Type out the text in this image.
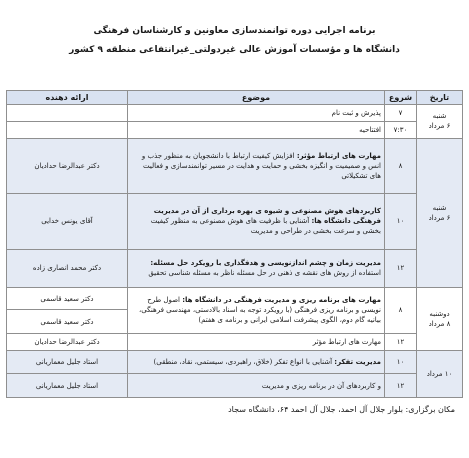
برنامه اجرایی دوره توانمندسازی معاونین و کارشناسان فرهنگی
دانشگاه ها و مؤسسات آموزش عالی غیردولتی_غیرانتفاعی منطقه ۹ کشور
تاریخ	شروع	موضوع	ارائه دهنده

شنبه
۶ مرداد	۷	پذیرش و ثبت نام	
	۷:۳۰	افتتاحیه	

شنبه
۶ مرداد	۸	مهارت های ارتباط مؤثر: افزایش کیفیت ارتباط با دانشجویان به منظور جذب و انس و صمیمیت و انگیزه بخشی و حمایت و هدایت در مسیر توانمندسازی و فعالیت های تشکیلاتی	دکتر عبدالرضا حدادیان
	۱۰	کاربردهای هوش مصنوعی و شیوه ی بهره برداری از آن در مدیریت فرهنگی دانشگاه ها: آشنایی با ظرفیت های هوش مصنوعی به منظور کیفیت بخشی و سرعت بخشی در طراحی و مدیریت	آقای یونس خدایی
	۱۲	مدیریت زمان و چشم اندازنویسی و هدفگذاری با رویکرد حل مسئله: استفاده از روش های نقشه ی ذهنی در حل مسئله ناظر به مسئله شناسی تحقیق	دکتر محمد انصاری زاده

دوشنبه
۸ مرداد	۸	مهارت های برنامه ریزی و مدیریت فرهنگی در دانشگاه ها: اصول طرح نویسی و برنامه ریزی فرهنگی (با رویکرد توجه به اسناد بالادستی، مهندسی فرهنگی، بیانیه گام دوم، الگوی پیشرفت اسلامی ایرانی و برنامه ی هفتم)	دکتر سعید قاسمی
			دکتر سعید قاسمی
	۱۲	مهارت های ارتباط مؤثر	دکتر عبدالرضا حدادیان
۱۰ مرداد	۱۰	مدیریت تفکر: آشنایی با انواع تفکر (خلاق، راهبردی، سیستمی، نقاد، منطقی)	استاد جلیل معماریانی
	۱۲	و کاربردهای آن در برنامه ریزی و مدیریت	استاد جلیل معماریانی
مکان برگزاری: بلوار جلال آل احمد، جلال آل احمد ۶۴، دانشگاه سجاد
